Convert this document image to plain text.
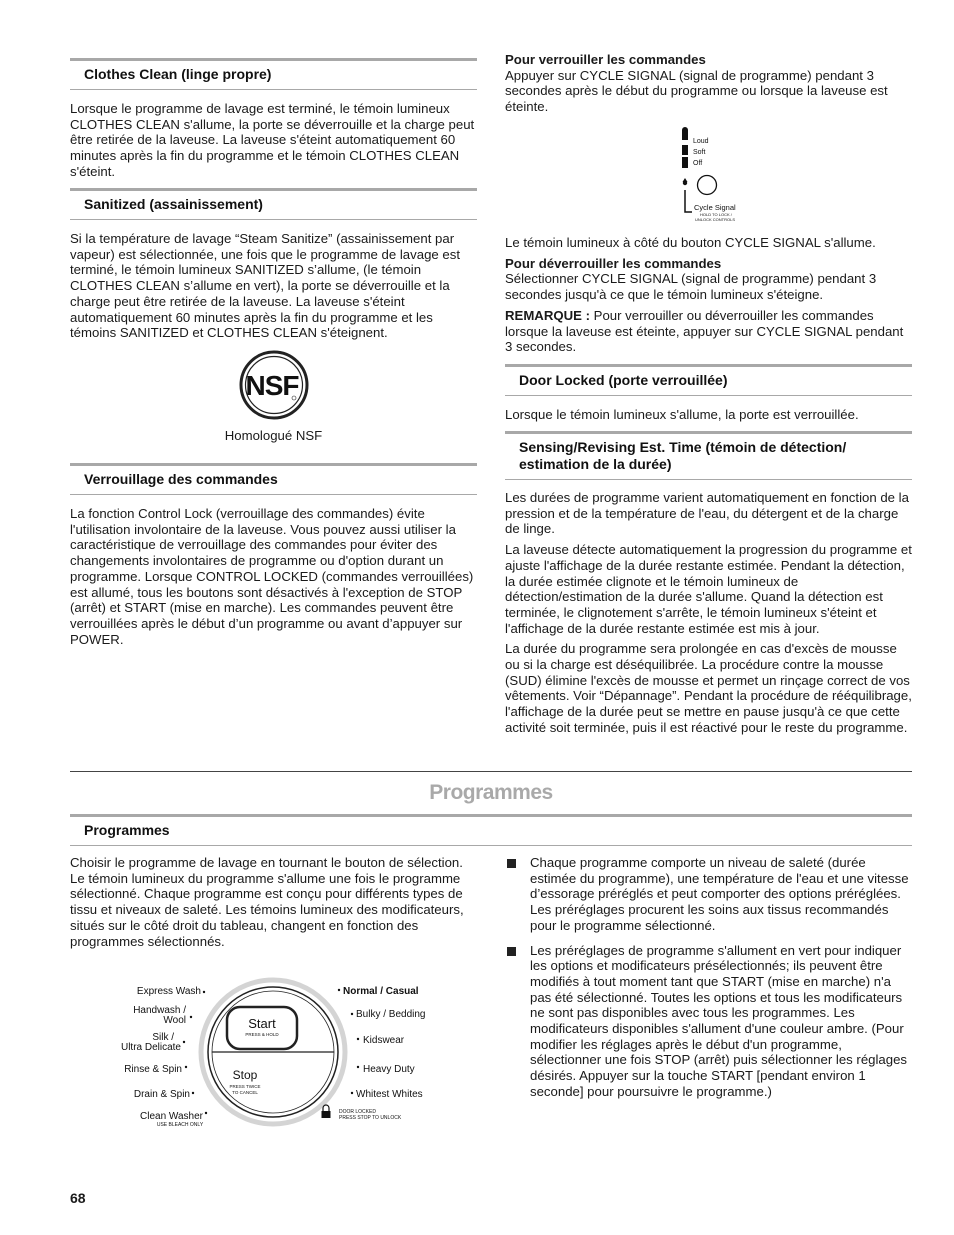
Clothes Clean (linge propre)

Lorsque le programme de lavage est terminé, le témoin lumineux CLOTHES CLEAN s'allume, la porte se déverrouille et la charge peut être retirée de la laveuse. La laveuse s'éteint automatiquement 60 minutes après la fin du programme et le témoin CLOTHES CLEAN s'éteint.

Sanitized (assainissement)

Si la température de lavage “Steam Sanitize” (assainissement par vapeur) est sélectionnée, une fois que le programme de lavage est terminé, le témoin lumineux SANITIZED s’allume, (le témoin CLOTHES CLEAN s’allume en vert), la porte se déverrouille et la charge peut être retirée de la laveuse. La laveuse s'éteint automatiquement 60 minutes après la fin du programme et les témoins SANITIZED et CLOTHES CLEAN s'éteignent.

NSF
Homologué NSF
Verrouillage des commandes

La fonction Control Lock (verrouillage des commandes) évite l'utilisation involontaire de la laveuse. Vous pouvez aussi utiliser la caractéristique de verrouillage des commandes pour éviter des changements involontaires de programme ou d'option durant un programme. Lorsque CONTROL LOCKED (commandes verrouillées) est allumé, tous les boutons sont désactivés à l'exception de STOP (arrêt) et START (mise en marche). Les commandes peuvent être verrouillées après le début d’un programme ou avant d’appuyer sur POWER.

Pour verrouiller les commandes

Appuyer sur CYCLE SIGNAL (signal de programme) pendant 3 secondes après le début du programme ou lorsque la laveuse est éteinte.

Loud
Soft
Off
Cycle Signal
HOLD TO LOCK /
UNLOCK CONTROLS

Le témoin lumineux à côté du bouton CYCLE SIGNAL s'allume.

Pour déverrouiller les commandes

Sélectionner CYCLE SIGNAL (signal de programme) pendant 3 secondes jusqu'à ce que le témoin lumineux s'éteigne.

REMARQUE : Pour verrouiller ou déverrouiller les commandes lorsque la laveuse est éteinte, appuyer sur CYCLE SIGNAL pendant 3 secondes.

Door Locked (porte verrouillée)

Lorsque le témoin lumineux s'allume, la porte est verrouillée.

Sensing/Revising Est. Time (témoin de détection/
estimation de la durée)

Les durées de programme varient automatiquement en fonction de la pression et de la température de l'eau, du détergent et de la charge de linge.

La laveuse détecte automatiquement la progression du programme et ajuste l'affichage de la durée restante estimée. Pendant la détection, la durée estimée clignote et le témoin lumineux de détection/estimation de la durée s'allume. Quand la détection est terminée, le clignotement s'arrête, le témoin lumineux s'éteint et l'affichage de la durée restante estimée est mis à jour.

La durée du programme sera prolongée en cas d'excès de mousse ou si la charge est déséquilibrée. La procédure contre la mousse (SUD) élimine l'excès de mousse et permet un rinçage correct de vos vêtements. Voir “Dépannage”. Pendant la procédure de rééquilibrage, l'affichage de la durée peut se mettre en pause jusqu'à ce que cette activité soit terminée, puis il est réactivé pour le reste du programme.

Programmes
Programmes

Choisir le programme de lavage en tournant le bouton de sélection. Le témoin lumineux du programme s'allume une fois le programme sélectionné. Chaque programme est conçu pour différents types de tissu et niveaux de saleté. Les témoins lumineux des modificateurs, situés sur le côté droit du tableau, changent en fonction des programmes sélectionnés.

Chaque programme comporte un niveau de saleté (durée estimée du programme), une température de l'eau et une vitesse d’essorage préréglés et peut comporter des options préréglées. Les préréglages procurent les soins aux tissus recommandés pour le programme sélectionné.

Les préréglages de programme s'allument en vert pour indiquer les options et modificateurs présélectionnés; ils peuvent être modifiés à tout moment tant que START (mise en marche) n'a pas été sélectionné. Toutes les options et tous les modificateurs ne sont pas disponibles avec tous les programmes. Les modificateurs disponibles s'allument d'une couleur ambre. (Pour modifier les réglages après le début d'un programme, sélectionner une fois STOP (arrêt) puis sélectionner les réglages désirés. Appuyer sur la touche START [pendant environ 1 seconde] pour poursuivre le programme.)

Start
PRESS & HOLD
Stop
PRESS TWICE
TO CANCEL
DOOR LOCKED
PRESS STOP TO UNLOCK
Express Wash
Handwash /
Wool
Silk /
Ultra Delicate
Rinse & Spin
Drain & Spin
Clean Washer
USE BLEACH ONLY
Normal / Casual
Bulky / Bedding
Kidswear
Heavy Duty
Whitest Whites
68
